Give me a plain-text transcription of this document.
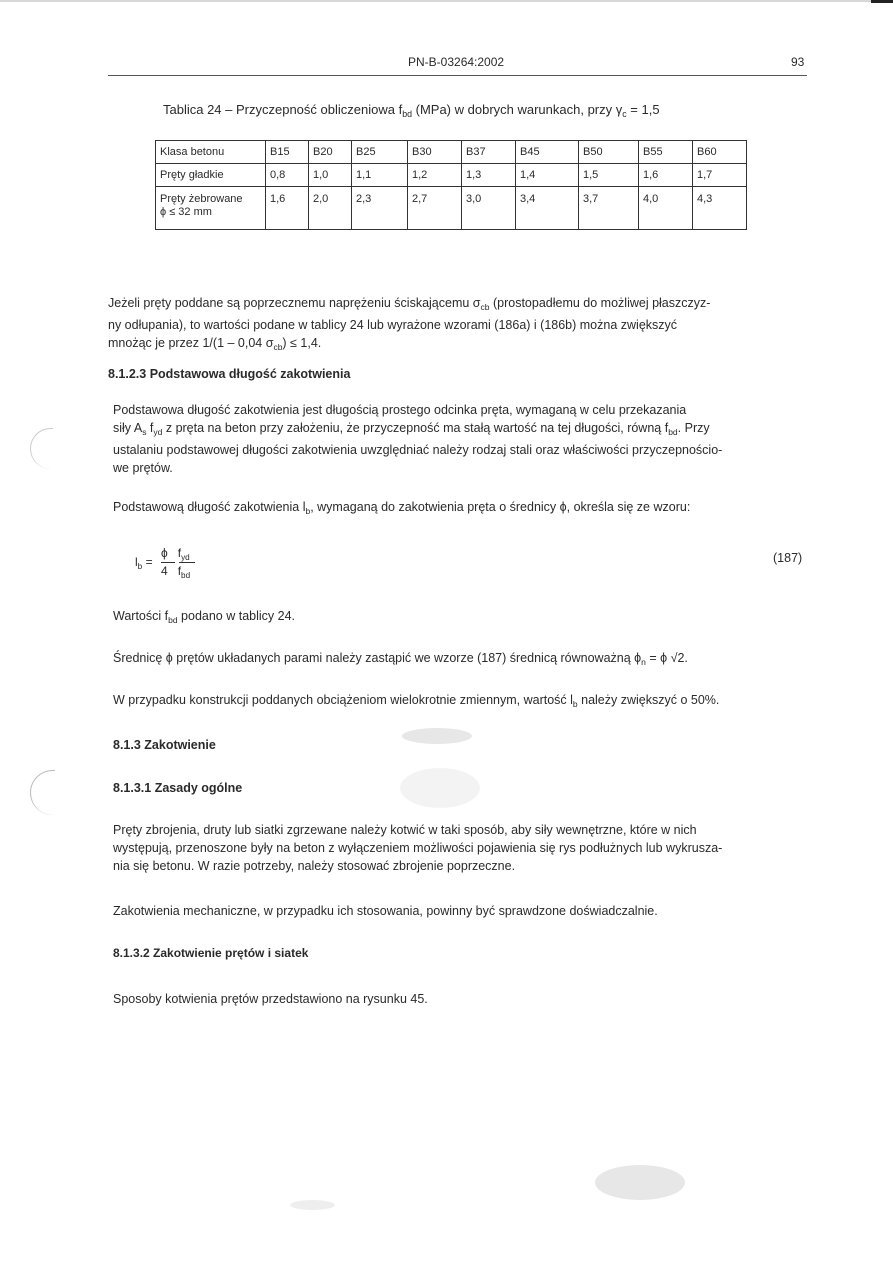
PN-B-03264:2002	93
Tablica 24 – Przyczepność obliczeniowa $f_{bd}$ (MPa) w dobrych warunkach, przy $\gamma_c = 1,5$
Klasa betonu	B15	B20	B25	B30	B37	B45	B50	B55	B60
Pręty gładkie	0,8	1,0	1,1	1,2	1,3	1,4	1,5	1,6	1,7

Pręty żebrowane
ϕ ≤ 32 mm	1,6	2,0	2,3	2,7	3,0	3,4	3,7	4,0	4,3
Jeżeli pręty poddane są poprzecznemu naprężeniu ściskającemu $\sigma_{cb}$ (prostopadłemu do możliwej płaszczyz-
ny odłupania), to wartości podane w tablicy 24 lub wyrażone wzorami (186a) i (186b) można zwiększyć
mnożąc je przez 1/(1 – 0,04 $\sigma_{cb}) \le 1,4$.
8.1.2.3 Podstawowa długość zakotwienia
Podstawowa długość zakotwienia jest długością prostego odcinka pręta, wymaganą w celu przekazania
siły $A_s$ $f_{yd}$ z pręta na beton przy założeniu, że przyczepność ma stałą wartość na tej długości, równą $f_{bd}$. Przy
ustalaniu podstawowej długości zakotwienia uwzględniać należy rodzaj stali oraz właściwości przyczepnościo-
we prętów.
Podstawową długość zakotwienia $l_b$, wymaganą do zakotwienia pręta o średnicy ϕ, określa się ze wzoru:
$l_b$ =
ϕ $f_{yd}$
4 $f_{bd}$
(187)
Wartości $f_{bd}$ podano w tablicy 24.
Średnicę ϕ prętów układanych parami należy zastąpić we wzorze (187) średnicą równoważną $\phi_n = \phi$ √2.
W przypadku konstrukcji poddanych obciążeniom wielokrotnie zmiennym, wartość $l_b$ należy zwiększyć o 50%.
8.1.3 Zakotwienie
8.1.3.1 Zasady ogólne
Pręty zbrojenia, druty lub siatki zgrzewane należy kotwić w taki sposób, aby siły wewnętrzne, które w nich
występują, przenoszone były na beton z wyłączeniem możliwości pojawienia się rys podłużnych lub wykrusza-
nia się betonu. W razie potrzeby, należy stosować zbrojenie poprzeczne.
Zakotwienia mechaniczne, w przypadku ich stosowania, powinny być sprawdzone doświadczalnie.
8.1.3.2 Zakotwienie prętów i siatek
Sposoby kotwienia prętów przedstawiono na rysunku 45.
